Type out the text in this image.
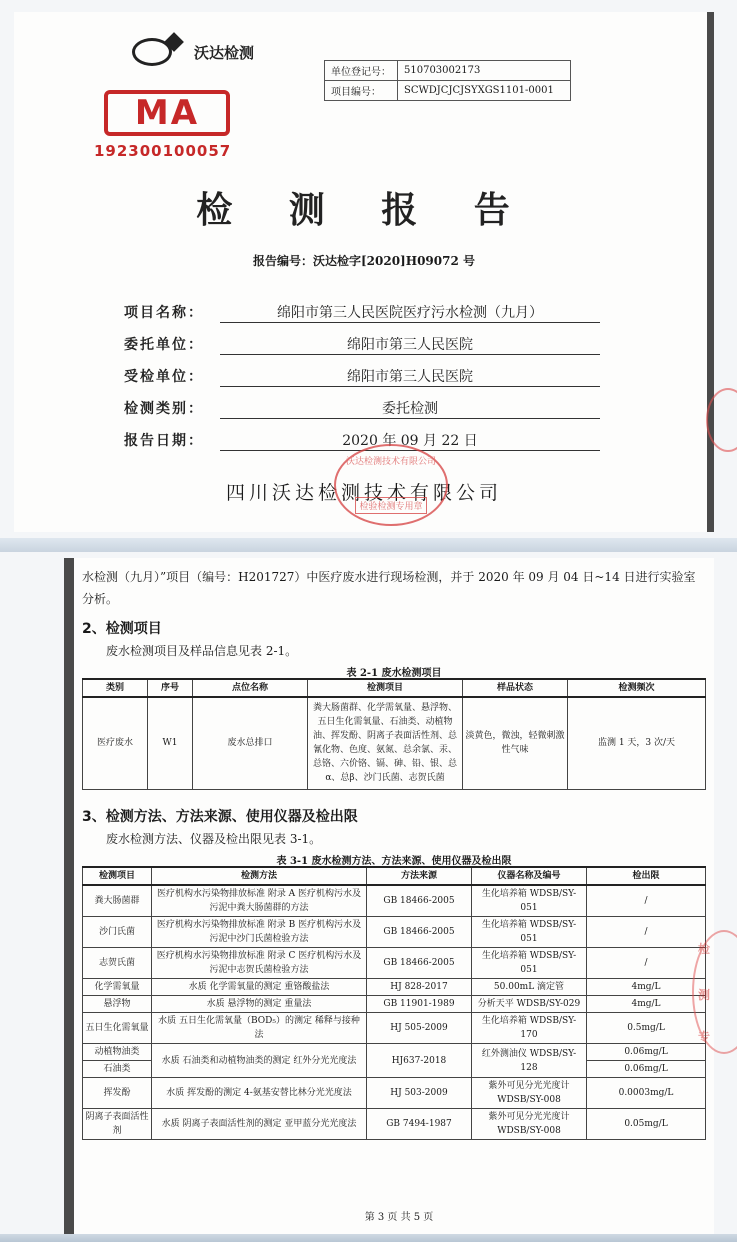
沃达检测
MA
192300100057
单位登记号：	510703002173
项目编号：	SCWDJCJCJSYXGS1101-0001
检 测 报 告
报告编号：沃达检字[2020]H09072 号
项目名称：	绵阳市第三人民医院医疗污水检测（九月）
委托单位：	绵阳市第三人民医院
受检单位：	绵阳市第三人民医院
检测类别：	委托检测
报告日期：	2020 年 09 月 22 日
四川沃达检测技术有限公司
沃达检测技术有限公司
检验检测专用章
水检测（九月）”项目（编号：H201727）中医疗废水进行现场检测，并于 2020 年 09 月 04 日~14 日进行实验室分析。
2、检测项目
废水检测项目及样品信息见表 2-1。
表 2-1 废水检测项目
类别	序号	点位名称	检测项目	样品状态	检测频次
医疗废水	W1	废水总排口	粪大肠菌群、化学需氧量、悬浮物、五日生化需氧量、石油类、动植物油、挥发酚、阴离子表面活性剂、总氰化物、色度、氨氮、总余氯、汞、总铬、六价铬、镉、砷、铅、银、总α、总β、沙门氏菌、志贺氏菌	淡黄色，微浊，轻微刺激性气味	监测 1 天，3 次/天
3、检测方法、方法来源、使用仪器及检出限
废水检测方法、仪器及检出限见表 3-1。
表 3-1 废水检测方法、方法来源、使用仪器及检出限
检测项目	检测方法	方法来源	仪器名称及编号	检出限
粪大肠菌群	医疗机构水污染物排放标准 附录 A 医疗机构污水及污泥中粪大肠菌群的方法	GB 18466-2005	生化培养箱 WDSB/SY-051	/
沙门氏菌	医疗机构水污染物排放标准 附录 B 医疗机构污水及污泥中沙门氏菌检验方法	GB 18466-2005	生化培养箱 WDSB/SY-051	/
志贺氏菌	医疗机构水污染物排放标准 附录 C 医疗机构污水及污泥中志贺氏菌检验方法	GB 18466-2005	生化培养箱 WDSB/SY-051	/
化学需氧量	水质 化学需氧量的测定 重铬酸盐法	HJ 828-2017	50.00mL 滴定管	4mg/L
悬浮物	水质 悬浮物的测定 重量法	GB 11901-1989	分析天平 WDSB/SY-029	4mg/L
五日生化需氧量	水质 五日生化需氧量（BOD₅）的测定 稀释与接种法	HJ 505-2009	生化培养箱 WDSB/SY-170	0.5mg/L
动植物油类	水质 石油类和动植物油类的测定 红外分光光度法	HJ637-2018	红外测油仪 WDSB/SY-128	0.06mg/L
石油类				0.06mg/L
挥发酚	水质 挥发酚的测定 4-氨基安替比林分光光度法	HJ 503-2009	紫外可见分光光度计 WDSB/SY-008	0.0003mg/L
阴离子表面活性剂	水质 阴离子表面活性剂的测定 亚甲蓝分光光度法	GB 7494-1987	紫外可见分光光度计 WDSB/SY-008	0.05mg/L
第 3 页 共 5 页
检
测
专
